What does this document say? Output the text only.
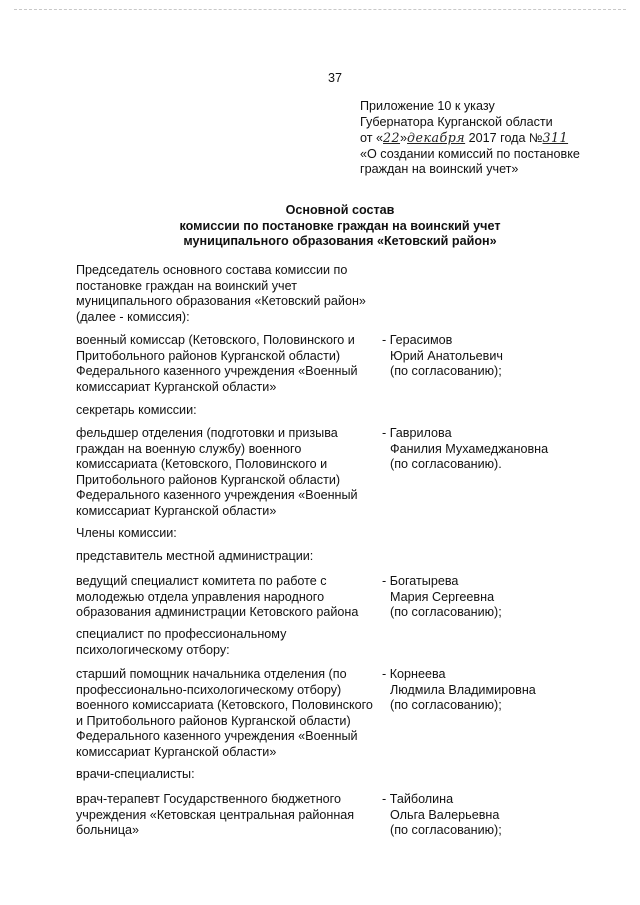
37
Приложение 10 к указу
Губернатора Курганской области
от «22»декабря 2017 года №311
«О создании комиссий по постановке
граждан на воинский учет»
Основной состав
комиссии по постановке граждан на воинский учет
муниципального образования «Кетовский район»
Председатель основного состава комиссии по
постановке граждан на воинский учет
муниципального образования «Кетовский район»
(далее - комиссия):
военный комиссар (Кетовского, Половинского и
Притобольного районов Курганской области)
Федерального казенного учреждения «Военный
комиссариат Курганской области»
- Герасимов
Юрий Анатольевич
(по согласованию);
секретарь комиссии:
фельдшер отделения (подготовки и призыва
граждан на военную службу) военного
комиссариата (Кетовского, Половинского и
Притобольного районов Курганской области)
Федерального казенного учреждения «Военный
комиссариат Курганской области»
- Гаврилова
Фанилия Мухамеджановна
(по согласованию).
Члены комиссии:
представитель местной администрации:
ведущий специалист комитета по работе с
молодежью отдела управления народного
образования администрации Кетовского района
- Богатырева
Мария Сергеевна
(по согласованию);
специалист по профессиональному
психологическому отбору:
старший помощник начальника отделения (по
профессионально-психологическому отбору)
военного комиссариата (Кетовского, Половинского
и Притобольного районов Курганской области)
Федерального казенного учреждения «Военный
комиссариат Курганской области»
- Корнеева
Людмила Владимировна
(по согласованию);
врачи-специалисты:
врач-терапевт Государственного бюджетного
учреждения «Кетовская центральная районная
больница»
- Тайболина
Ольга Валерьевна
(по согласованию);
